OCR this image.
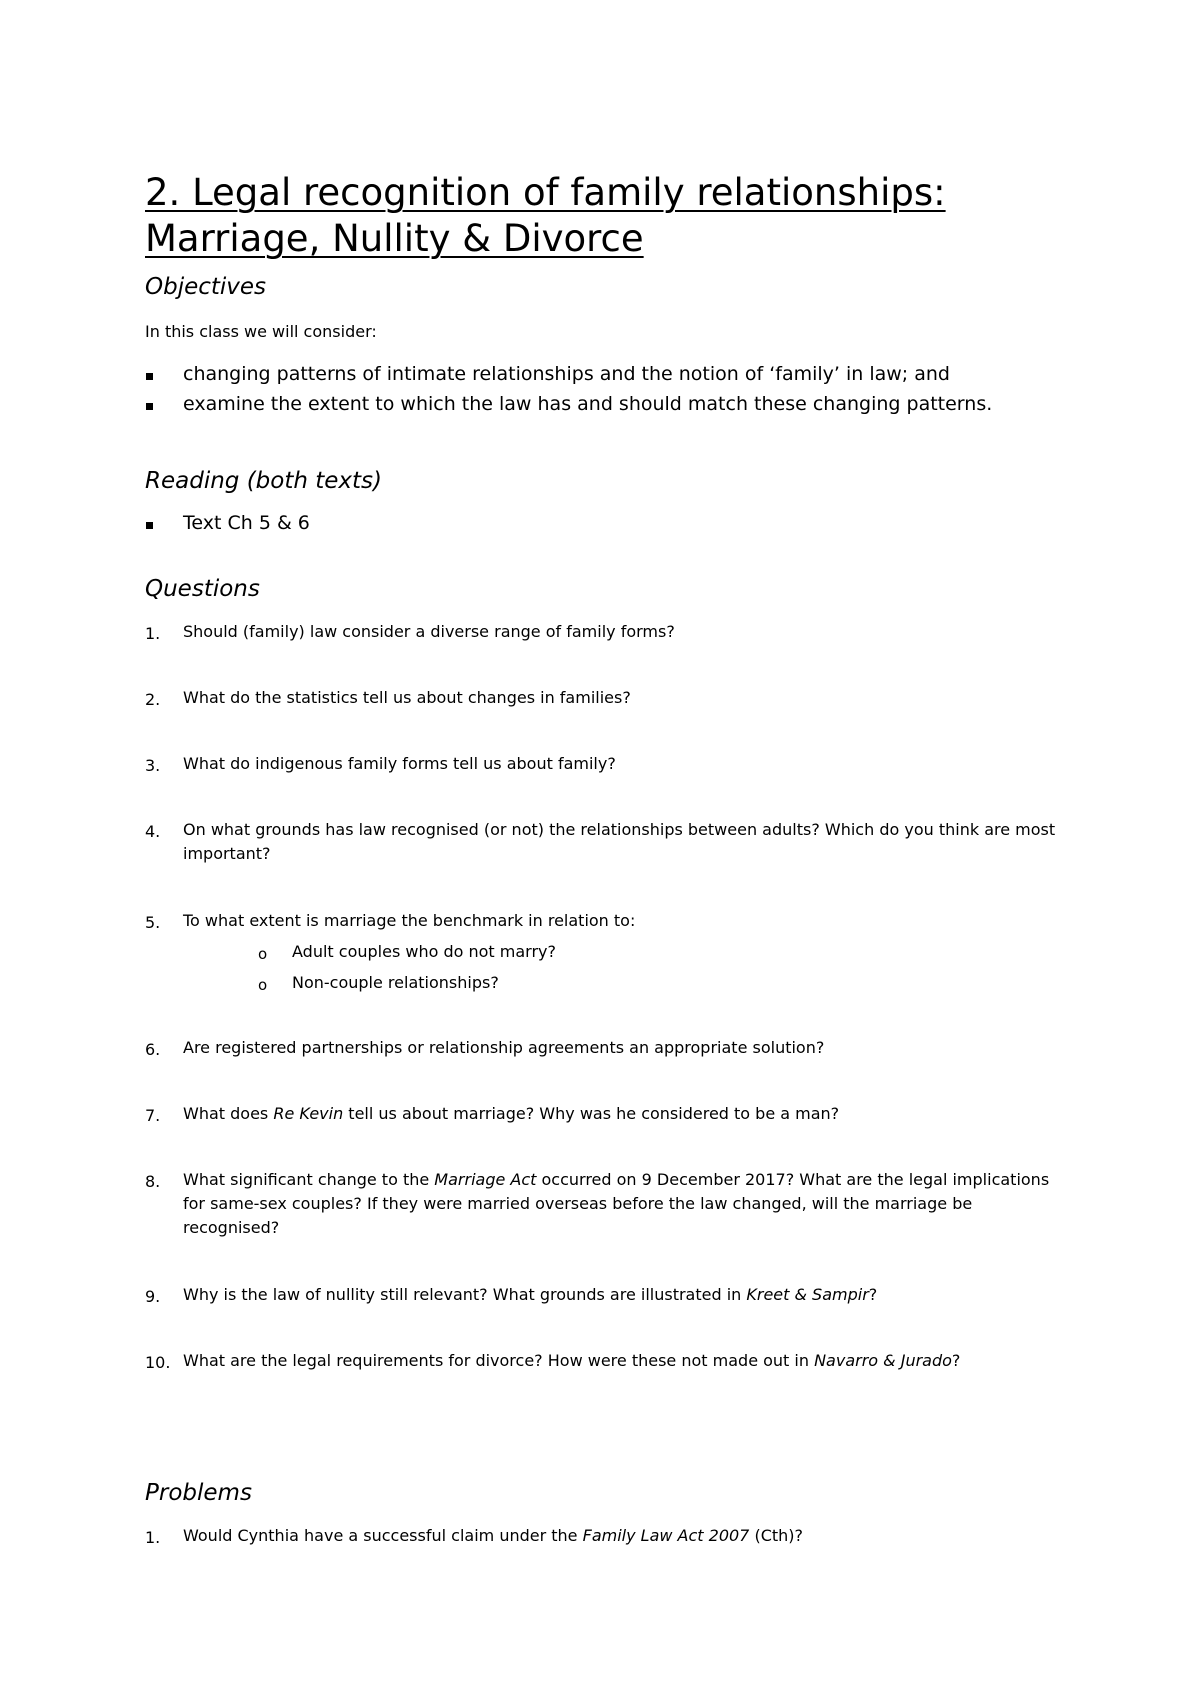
2. Legal recognition of family relationships:
Marriage, Nullity & Divorce
Objectives
In this class we will consider:
changing patterns of intimate relationships and the notion of ‘family’ in law; and
examine the extent to which the law has and should match these changing patterns.
Reading (both texts)
Text Ch 5 & 6
Questions
1.	Should (family) law consider a diverse range of family forms?
2.	What do the statistics tell us about changes in families?
3.	What do indigenous family forms tell us about family?
4.	On what grounds has law recognised (or not) the relationships between adults? Which do you think are most important?
5.	To what extent is marriage the benchmark in relation to:
o Adult couples who do not marry?
o Non-couple relationships?
6.	Are registered partnerships or relationship agreements an appropriate solution?
7.	What does Re Kevin tell us about marriage? Why was he considered to be a man?
8.	What significant change to the Marriage Act occurred on 9 December 2017? What are the legal implications for same-sex couples? If they were married overseas before the law changed, will the marriage be recognised?
9.	Why is the law of nullity still relevant? What grounds are illustrated in Kreet & Sampir?
10. What are the legal requirements for divorce? How were these not made out in Navarro & Jurado?
Problems
1.	Would Cynthia have a successful claim under the Family Law Act 2007 (Cth)?
